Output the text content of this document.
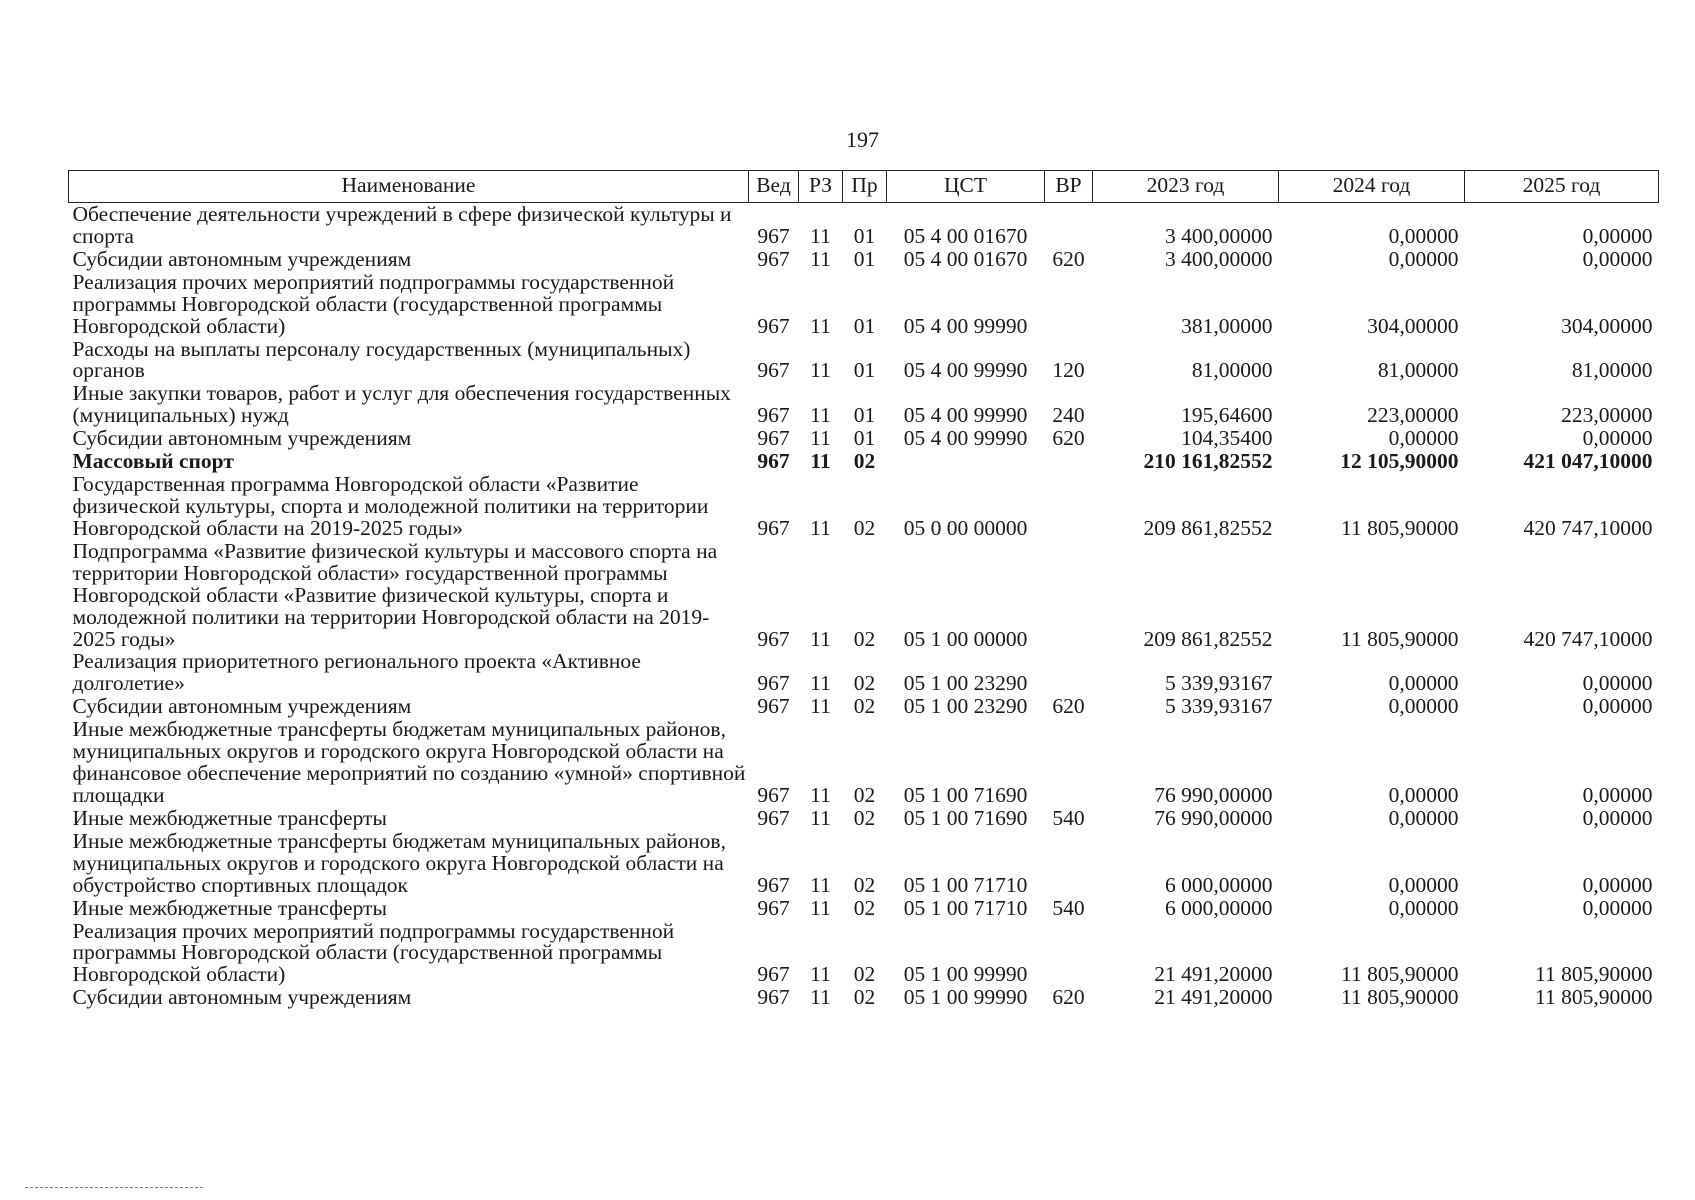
197
Наименование	Вед	РЗ	Пр	ЦСТ	ВР	2023 год	2024 год	2025 год
Обеспечение деятельности учреждений в сфере физической культуры и спорта	967	11	01	05 4 00 01670		3 400,00000	0,00000	0,00000
Субсидии автономным учреждениям	967	11	01	05 4 00 01670	620	3 400,00000	0,00000	0,00000
Реализация прочих мероприятий подпрограммы государственной программы Новгородской области (государственной программы Новгородской области)	967	11	01	05 4 00 99990		381,00000	304,00000	304,00000
Расходы на выплаты персоналу государственных (муниципальных) органов	967	11	01	05 4 00 99990	120	81,00000	81,00000	81,00000
Иные закупки товаров, работ и услуг для обеспечения государственных (муниципальных) нужд	967	11	01	05 4 00 99990	240	195,64600	223,00000	223,00000
Субсидии автономным учреждениям	967	11	01	05 4 00 99990	620	104,35400	0,00000	0,00000
Массовый спорт	967	11	02			210 161,82552	12 105,90000	421 047,10000
Государственная программа Новгородской области «Развитие физической культуры, спорта и молодежной политики на территории Новгородской области на 2019-2025 годы»	967	11	02	05 0 00 00000		209 861,82552	11 805,90000	420 747,10000
Подпрограмма «Развитие физической культуры и массового спорта на территории Новгородской области» государственной программы Новгородской области «Развитие физической культуры, спорта и молодежной политики на территории Новгородской области на 2019-2025 годы»	967	11	02	05 1 00 00000		209 861,82552	11 805,90000	420 747,10000
Реализация приоритетного регионального проекта «Активное долголетие»	967	11	02	05 1 00 23290		5 339,93167	0,00000	0,00000
Субсидии автономным учреждениям	967	11	02	05 1 00 23290	620	5 339,93167	0,00000	0,00000
Иные межбюджетные трансферты бюджетам муниципальных районов, муниципальных округов и городского округа Новгородской области на финансовое обеспечение мероприятий по созданию «умной» спортивной площадки	967	11	02	05 1 00 71690		76 990,00000	0,00000	0,00000
Иные межбюджетные трансферты	967	11	02	05 1 00 71690	540	76 990,00000	0,00000	0,00000
Иные межбюджетные трансферты бюджетам муниципальных районов, муниципальных округов и городского округа Новгородской области на обустройство спортивных площадок	967	11	02	05 1 00 71710		6 000,00000	0,00000	0,00000
Иные межбюджетные трансферты	967	11	02	05 1 00 71710	540	6 000,00000	0,00000	0,00000
Реализация прочих мероприятий подпрограммы государственной программы Новгородской области (государственной программы Новгородской области)	967	11	02	05 1 00 99990		21 491,20000	11 805,90000	11 805,90000
Субсидии автономным учреждениям	967	11	02	05 1 00 99990	620	21 491,20000	11 805,90000	11 805,90000
